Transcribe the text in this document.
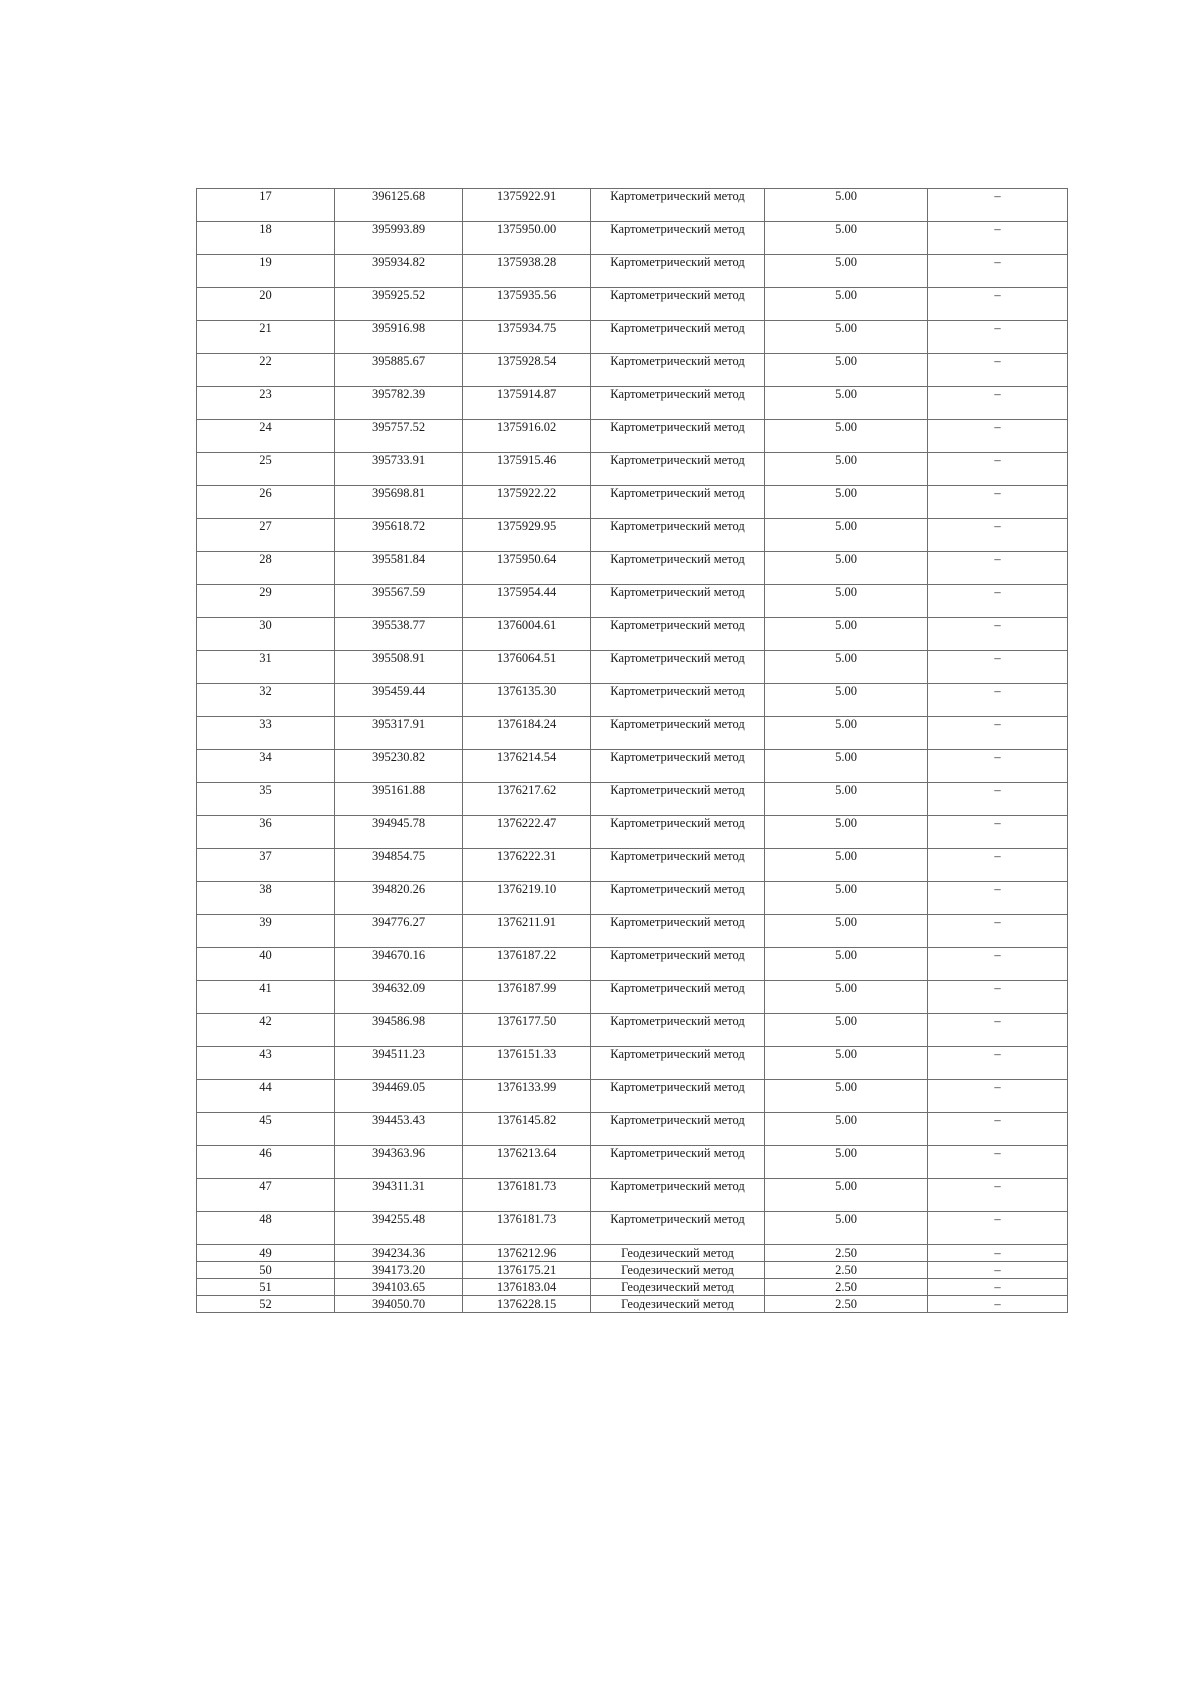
17	396125.68	1375922.91	Картометрический метод	5.00	–
18	395993.89	1375950.00	Картометрический метод	5.00	–
19	395934.82	1375938.28	Картометрический метод	5.00	–
20	395925.52	1375935.56	Картометрический метод	5.00	–
21	395916.98	1375934.75	Картометрический метод	5.00	–
22	395885.67	1375928.54	Картометрический метод	5.00	–
23	395782.39	1375914.87	Картометрический метод	5.00	–
24	395757.52	1375916.02	Картометрический метод	5.00	–
25	395733.91	1375915.46	Картометрический метод	5.00	–
26	395698.81	1375922.22	Картометрический метод	5.00	–
27	395618.72	1375929.95	Картометрический метод	5.00	–
28	395581.84	1375950.64	Картометрический метод	5.00	–
29	395567.59	1375954.44	Картометрический метод	5.00	–
30	395538.77	1376004.61	Картометрический метод	5.00	–
31	395508.91	1376064.51	Картометрический метод	5.00	–
32	395459.44	1376135.30	Картометрический метод	5.00	–
33	395317.91	1376184.24	Картометрический метод	5.00	–
34	395230.82	1376214.54	Картометрический метод	5.00	–
35	395161.88	1376217.62	Картометрический метод	5.00	–
36	394945.78	1376222.47	Картометрический метод	5.00	–
37	394854.75	1376222.31	Картометрический метод	5.00	–
38	394820.26	1376219.10	Картометрический метод	5.00	–
39	394776.27	1376211.91	Картометрический метод	5.00	–
40	394670.16	1376187.22	Картометрический метод	5.00	–
41	394632.09	1376187.99	Картометрический метод	5.00	–
42	394586.98	1376177.50	Картометрический метод	5.00	–
43	394511.23	1376151.33	Картометрический метод	5.00	–
44	394469.05	1376133.99	Картометрический метод	5.00	–
45	394453.43	1376145.82	Картометрический метод	5.00	–
46	394363.96	1376213.64	Картометрический метод	5.00	–
47	394311.31	1376181.73	Картометрический метод	5.00	–
48	394255.48	1376181.73	Картометрический метод	5.00	–
49	394234.36	1376212.96	Геодезический метод	2.50	–
50	394173.20	1376175.21	Геодезический метод	2.50	–
51	394103.65	1376183.04	Геодезический метод	2.50	–
52	394050.70	1376228.15	Геодезический метод	2.50	–
